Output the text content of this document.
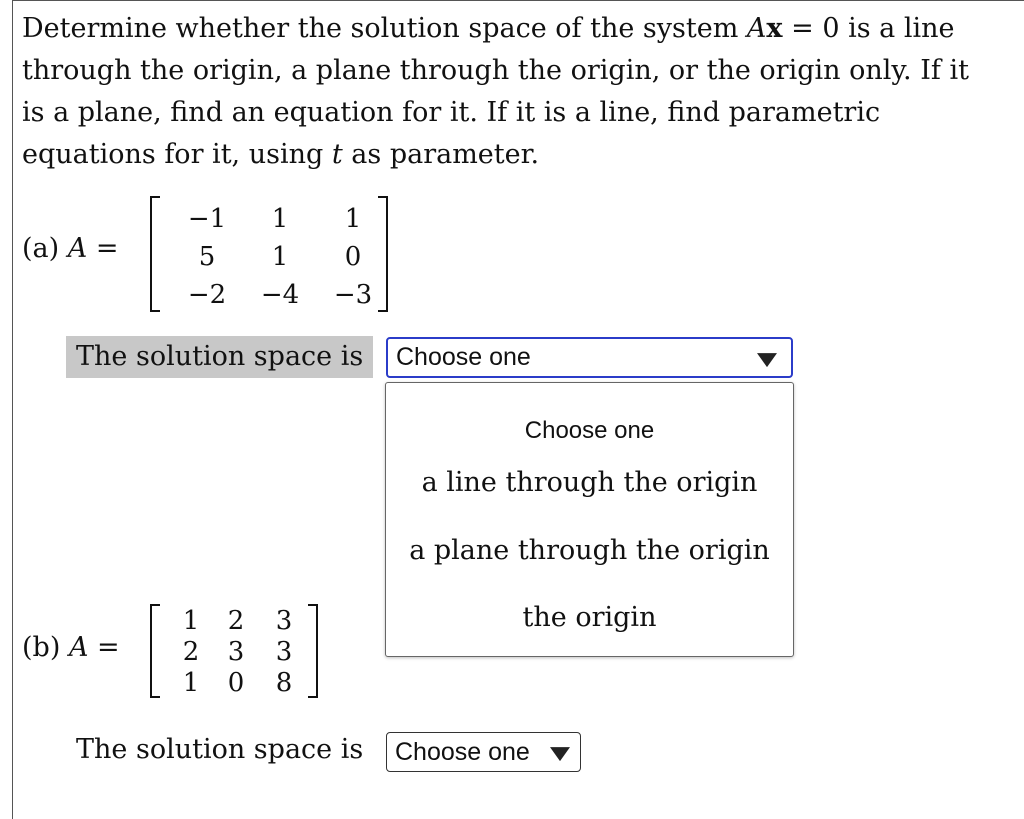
Determine whether the solution space of the system Ax = 0 is a line
through the origin, a plane through the origin, or the origin only. If it
is a plane, find an equation for it. If it is a line, find parametric
equations for it, using t as parameter.
(a) A =
−1	1	1
5	1	0
−2	−4	−3
The solution space is	Choose one
Choose one
a line through the origin
a plane through the origin
the origin
(b) A =
1	2	3
2	3	3
1	0	8
The solution space is	Choose one
